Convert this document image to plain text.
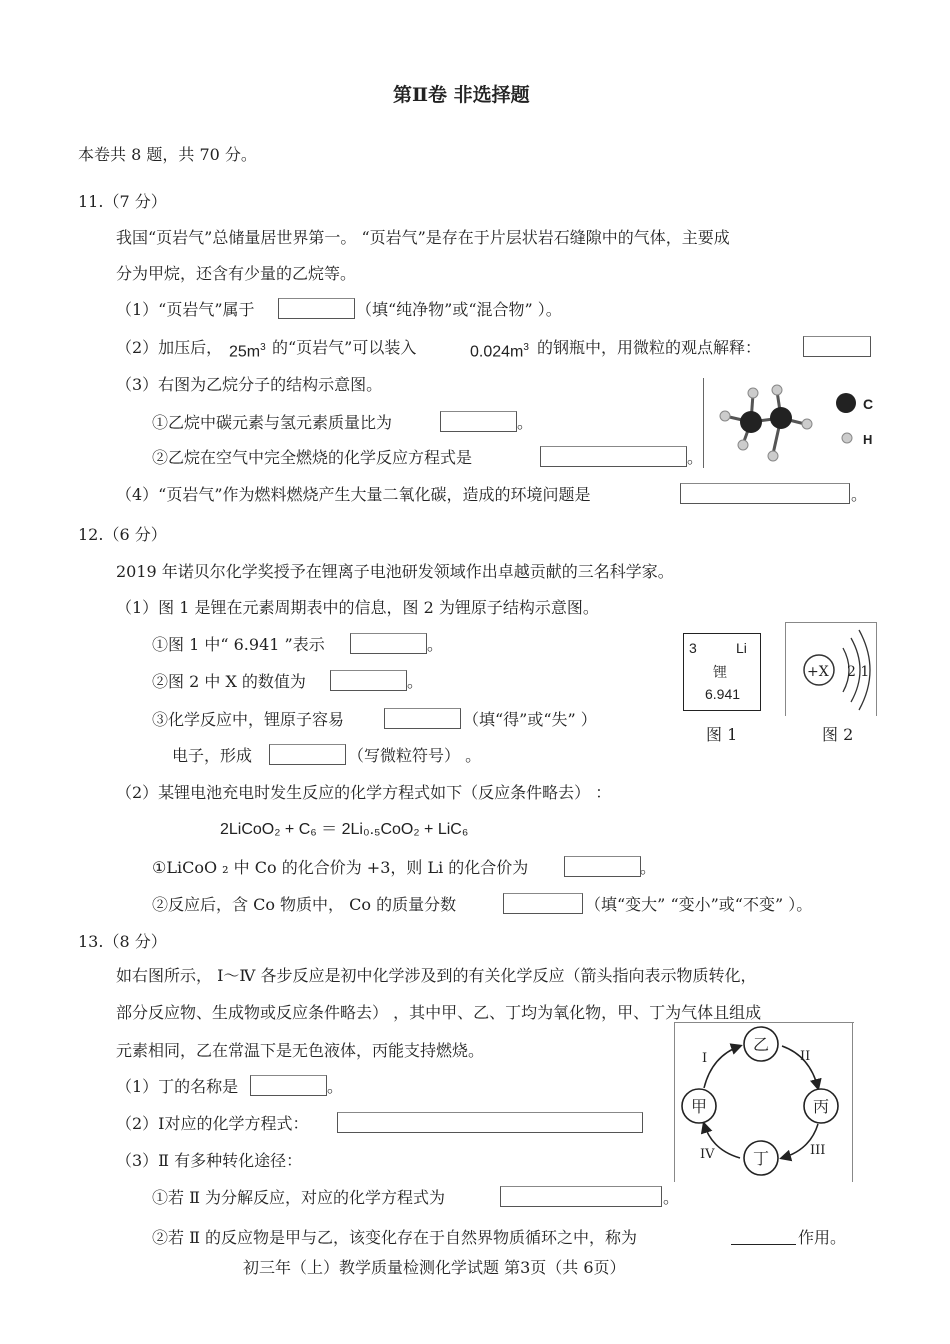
第Ⅱ卷 非选择题
本卷共 8 题，共 70 分。
11.（7 分）
我国“页岩气”总储量居世界第一。 “页岩气”是存在于片层状岩石缝隙中的气体，主要成
分为甲烷，还含有少量的乙烷等。
（1）“页岩气”属于	（填“纯净物”或“混合物” ）。
（2）加压后， $25m^3$ 的“页岩气”可以装入	$0.024m^3$ 的钢瓶中，用微粒的观点解释：
（3）右图为乙烷分子的结构示意图。
①乙烷中碳元素与氢元素质量比为	。
②乙烷在空气中完全燃烧的化学反应方程式是	。
C
H
（4）“页岩气”作为燃料燃烧产生大量二氧化碳，造成的环境问题是	。
12.（6 分）
2019 年诺贝尔化学奖授予在锂离子电池研发领域作出卓越贡献的三名科学家。
（1）图 1 是锂在元素周期表中的信息，图 2 为锂原子结构示意图。
①图 1 中“ 6.941 ”表示	。
②图 2 中 X 的数值为	。
③化学反应中，锂原子容易	（填“得”或“失” ）
电子，形成	（写微粒符号） 。
3	Li
锂
6.941
图 1
+X 2 1
图 2
（2）某锂电池充电时发生反应的化学方程式如下（反应条件略去） ：
2LiCoO₂ + C₆ ＝ 2Li₀.₅CoO₂ + LiC₆
①LiCoO ₂ 中 Co 的化合价为 +3，则 Li 的化合价为	。
②反应后，含 Co 物质中， Co 的质量分数	（填“变大” “变小”或“不变” ）。
13.（8 分）
如右图所示， Ⅰ～Ⅳ 各步反应是初中化学涉及到的有关化学反应（箭头指向表示物质转化，
部分反应物、生成物或反应条件略去） ，其中甲、乙、丁均为氧化物，甲、丁为气体且组成
元素相同，乙在常温下是无色液体，丙能支持燃烧。
（1）丁的名称是	。
（2）Ⅰ对应的化学方程式：
（3）Ⅱ 有多种转化途径：
①若 Ⅱ 为分解反应，对应的化学方程式为	。
②若 Ⅱ 的反应物是甲与乙，该变化存在于自然界物质循环之中，称为	作用。
乙
甲	丙
丁
I	II
III
IV
初三年（上）教学质量检测化学试题 第3页（共 6页）
